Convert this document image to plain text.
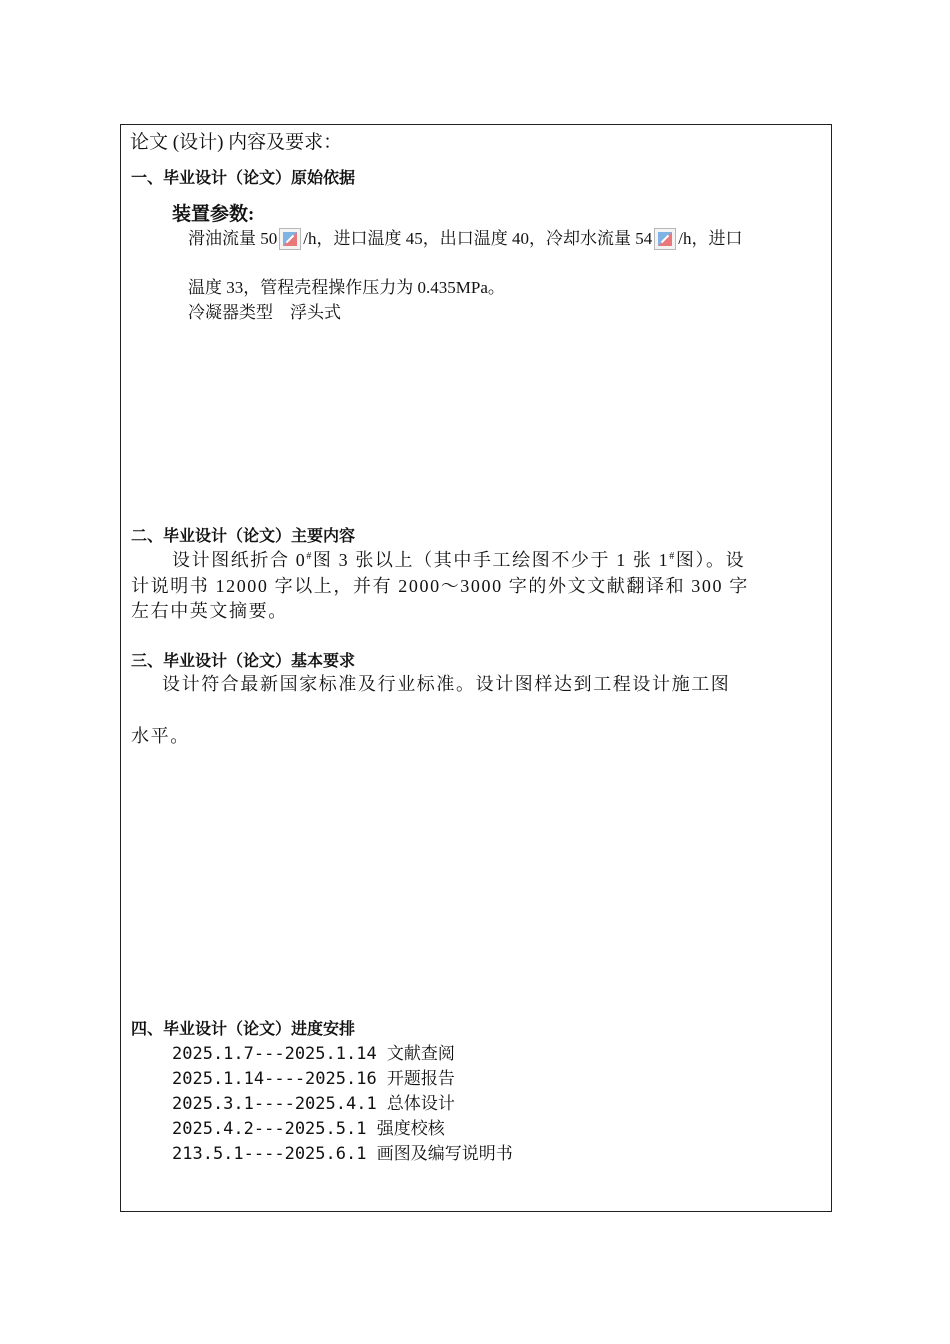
论文 (设计) 内容及要求：
一、毕业设计（论文）原始依据
装置参数:
滑油流量 50 /h，进口温度 45，出口温度 40，冷却水流量 54 /h，进口
温度 33，管程壳程操作压力为 0.435MPa。
冷凝器类型　浮头式
二、毕业设计（论文）主要内容
设计图纸折合 0#图 3 张以上（其中手工绘图不少于 1 张 1#图）。设
计说明书 12000 字以上，并有 2000～3000 字的外文文献翻译和 300 字
左右中英文摘要。
三、毕业设计（论文）基本要求
设计符合最新国家标准及行业标准。设计图样达到工程设计施工图
水平。
四、毕业设计（论文）进度安排
2025.1.7---2025.1.14 文献查阅
2025.1.14----2025.16 开题报告
2025.3.1----2025.4.1 总体设计
2025.4.2---2025.5.1 强度校核
213.5.1----2025.6.1 画图及编写说明书
